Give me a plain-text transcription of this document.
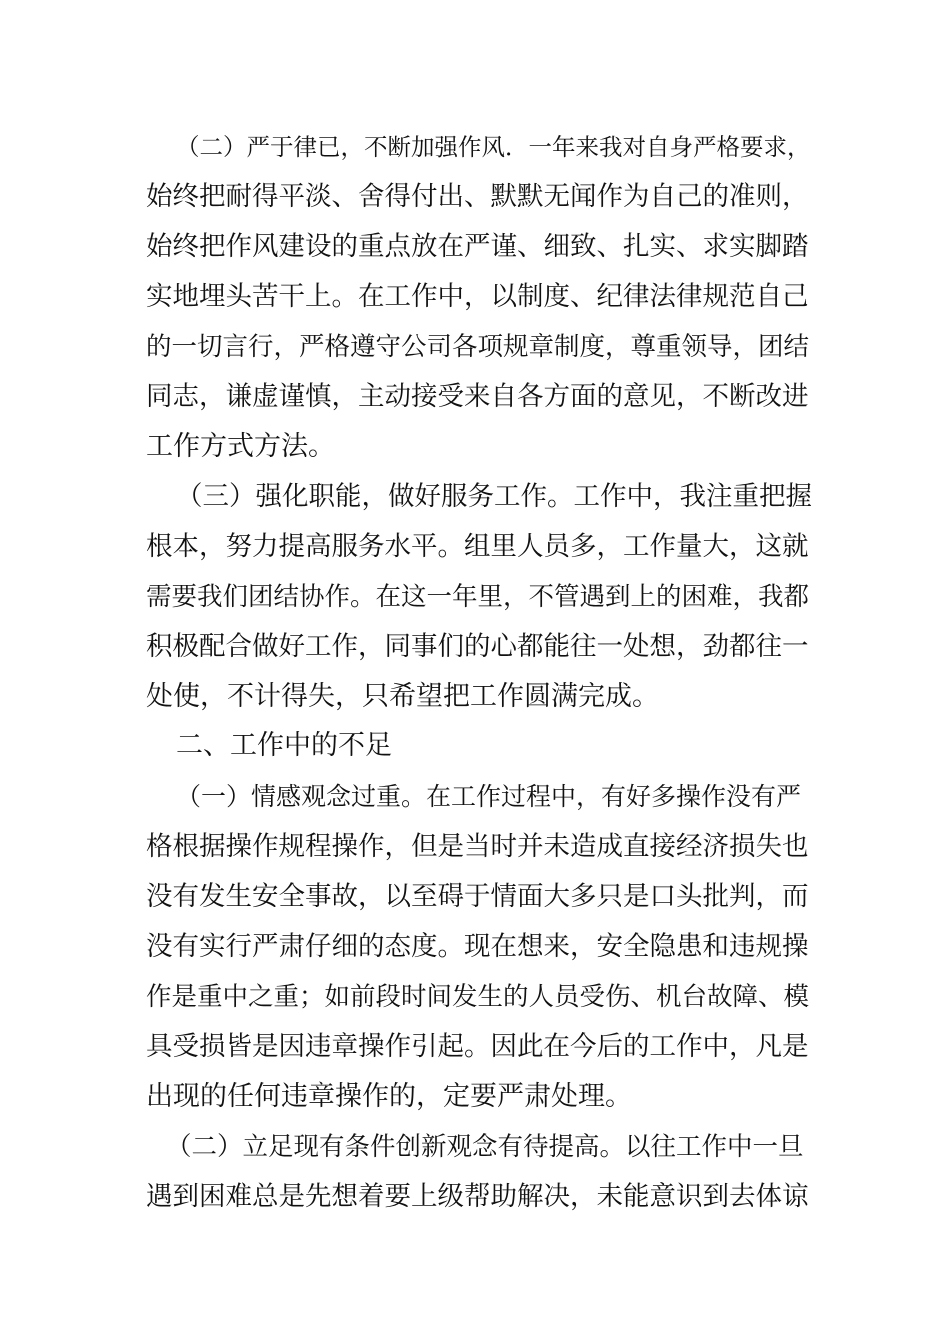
（二）严于律已，不断加强作风．一年来我对自身严格要求，
始终把耐得平淡、舍得付出、默默无闻作为自己的准则，
始终把作风建设的重点放在严谨、细致、扎实、求实脚踏
实地埋头苦干上。在工作中，以制度、纪律法律规范自己
的一切言行，严格遵守公司各项规章制度，尊重领导，团结
同志，谦虚谨慎，主动接受来自各方面的意见，不断改进
工作方式方法。
（三）强化职能，做好服务工作。工作中，我注重把握
根本，努力提高服务水平。组里人员多，工作量大，这就
需要我们团结协作。在这一年里，不管遇到上的困难，我都
积极配合做好工作，同事们的心都能往一处想，劲都往一
处使，不计得失，只希望把工作圆满完成。
二、工作中的不足
（一）情感观念过重。在工作过程中，有好多操作没有严
格根据操作规程操作，但是当时并未造成直接经济损失也
没有发生安全事故，以至碍于情面大多只是口头批判，而
没有实行严肃仔细的态度。现在想来，安全隐患和违规操
作是重中之重；如前段时间发生的人员受伤、机台故障、模
具受损皆是因违章操作引起。因此在今后的工作中，凡是
出现的任何违章操作的，定要严肃处理。
（二）立足现有条件创新观念有待提高。以往工作中一旦
遇到困难总是先想着要上级帮助解决，未能意识到去体谅
